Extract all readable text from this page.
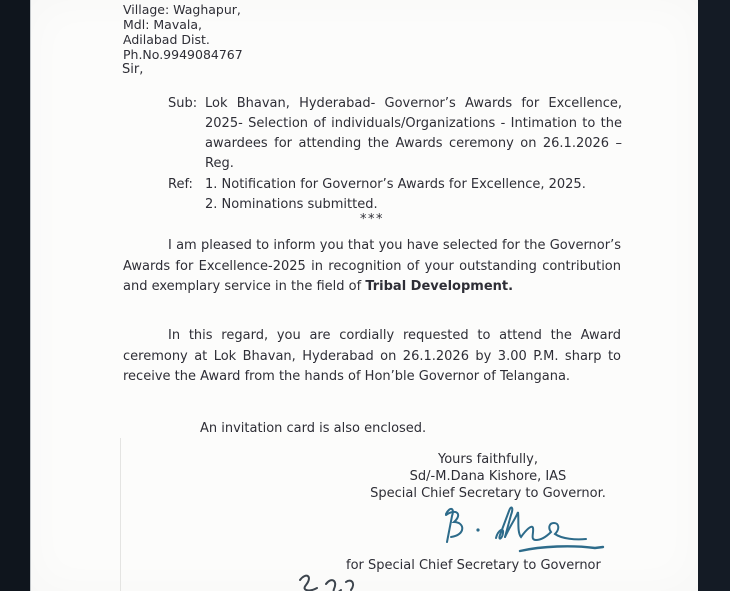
Village: Waghapur,
Mdl: Mavala,
Adilabad Dist.
Ph.No.9949084767
Sir,
Sub: Lok Bhavan, Hyderabad- Governor’s Awards for Excellence, 2025- Selection of individuals/Organizations - Intimation to the awardees for attending the Awards ceremony on 26.1.2026 – Reg.
Ref: 1. Notification for Governor’s Awards for Excellence, 2025.
2. Nominations submitted.
***

I am pleased to inform you that you have selected for the Governor’s Awards for Excellence-2025 in recognition of your outstanding contribution and exemplary service in the field of Tribal Development.

In this regard, you are cordially requested to attend the Award ceremony at Lok Bhavan, Hyderabad on 26.1.2026 by 3.00 P.M. sharp to receive the Award from the hands of Hon’ble Governor of Telangana.

An invitation card is also enclosed.
Yours faithfully,
Sd/-M.Dana Kishore, IAS
Special Chief Secretary to Governor.
for Special Chief Secretary to Governor
